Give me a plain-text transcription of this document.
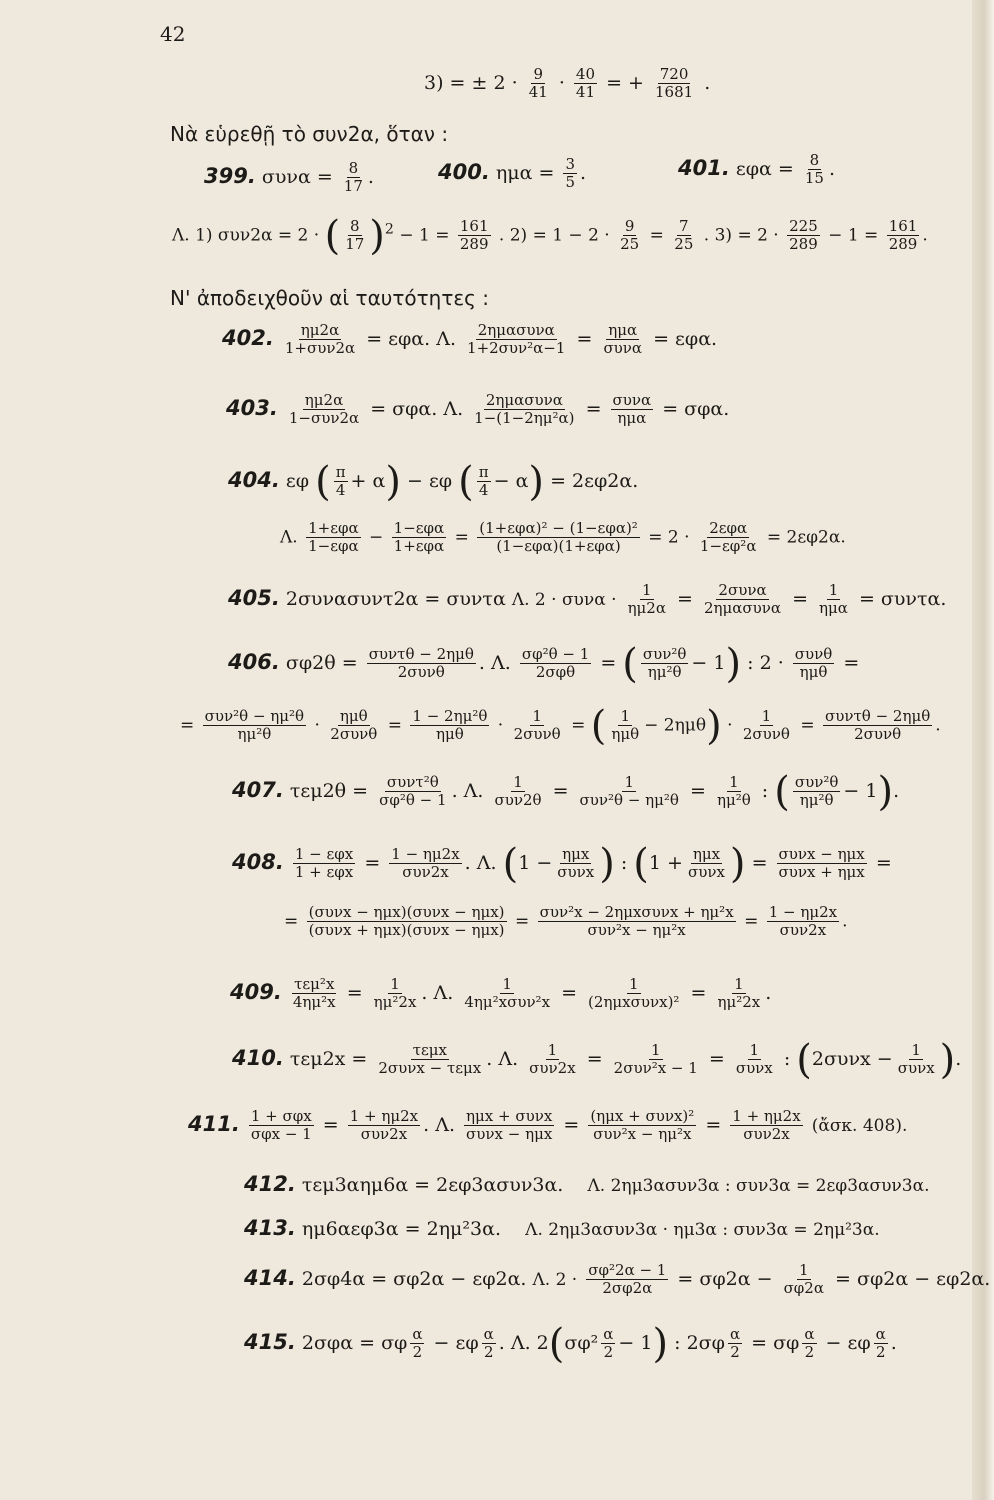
42
3) = ± $2 \cdot \frac{9}{41} \cdot \frac{40}{41}$ = + $\frac{720}{1681}$ .
Νὰ εὑρεθῇ τὸ συν2α, ὅταν :
399. $\sigma\upsilon\nu\alpha = \frac{8}{17}$ .	400. $\eta\mu\alpha = \frac{3}{5}$ .	401. $\varepsilon\varphi\alpha = \frac{8}{15}$ .
Λ. 1) συν2α = 2 · ( $\frac{8}{17} )^2 - 1 = \frac{161}{289}$ . $2) = 1 - 2 \cdot \frac{9}{25} = \frac{7}{25}$ . $3) = 2 \cdot \frac{225}{289} - 1 = \frac{161}{289}$ .
Ν' ἀποδειχθοῦν αἱ ταυτότητες :
402. ημ2α
1+συν2α = εφα. Λ. 2ημασυνα
1+2συν²α−1 = ημα
συνα = εφα.
403. ημ2α
1−συν2α = σφα. Λ. 2ημασυνα
1−(1−2ημ²α) = συνα
ημα = σφα.
404. εφ ( $\frac{\pi}{4} + \alpha) - \varepsilon\varphi$ ( $\frac{\pi}{4} - \alpha) = 2\varepsilon\varphi 2\alpha$.
Λ. 1+εφα
1−εφα − 1−εφα
1+εφα = (1+εφα)² − (1−εφα)²
(1−εφα)(1+εφα) = 2 · 2εφα
1−εφ²α = 2εφ2α.
405. 2συνασυντ2α = συντα Λ. $2 \cdot \sigma\upsilon\nu\alpha \cdot \frac{1}{\eta\mu 2\alpha} = 2\sigma\upsilon\nu\alpha$
2ημασυνα = 1
ημα = συντα.
406. σφ2θ = συντθ − 2ημθ
2συνθ . Λ. σφ²θ − 1
2σφθ = ( συν²θ
ημ²θ − 1) : 2 · συνθ
ημθ =
= συν²θ − ημ²θ
ημ²θ	· ημθ
2συνθ = 1 − 2ημ²θ
ημθ · 1
2συνθ = ( 1
ημθ − 2ημθ) · 1
2συνθ = συντθ − 2ημθ
2συνθ .
407. τεμ2θ = συντ²θ
σφ²θ − 1 . Λ. 1
συν2θ =	1
$\sigma\upsilon\nu^2\theta - \eta\mu^2\theta = \frac{1}{\text{ημ²θ}}$ : ( συν²θ
ημ²θ − 1).
408. 1 − εφx
1 + εφx = 1 − ημ2x
συν2x . Λ. (1 − ημx
συνx ) : (1 + ημx
συνx ) = συνx − ημx
συνx + ημx =
= (συνx − ημx)(συνx − ημx)
(συνx + ημx)(συνx − ημx) = συν²x − 2ημxσυνx + ημ²x
συν²x − ημ²x	= 1 − ημ2x
συν2x .
409. τεμ²x
$4\eta\mu^2x = \frac{1}{\text{ημ²2x}}$ . Λ.	1
4ημ²xσυν²x =	1
$(2\eta\mu x\sigma\upsilon\nu x)^2 = \frac{1}{\text{ημ²2x}}$ .
410. τεμ2x =	τεμx
2συνx − τεμx . Λ. 1
συν2x =	1
2συν²x − 1 = 1
συνx : (2συνx − 1
συνx ).
411. 1 + σφx
σφx − 1 = 1 + ημ2x
συν2x . Λ. ημx + συνx
συνx − ημx = (ημx + συνx)²
συν²x − ημ²x = 1 + ημ2x
συν2x (ἄσκ. 408).
412. τεμ3αημ6α = 2εφ3ασυν3α. Λ. 2ημ3ασυν3α : συν3α = 2εφ3ασυν3α.
413. ημ6αεφ3α = 2ημ²3α. Λ. 2ημ3ασυν3α · ημ3α : συν3α = 2ημ²3α.
414. 2σφ4α = σφ2α − εφ2α. Λ. $2 \cdot \frac{\text{σφ²2α − 1}}{2\sigma\varphi 2\alpha} = \sigma\varphi 2\alpha - \frac{1}{\sigma\varphi 2\alpha} = \sigma\varphi 2\alpha - \varepsilon\varphi 2\alpha$.
415. 2σφα = σφ $\frac{\alpha}{2} - \varepsilon\varphi \frac{\alpha}{2}$ . Λ. $2(\sigma\varphi^2 \frac{\alpha}{2} - 1)$ : $2\sigma\varphi \frac{\alpha}{2} = \sigma\varphi \frac{\alpha}{2} - \varepsilon\varphi \frac{\alpha}{2}$ .
